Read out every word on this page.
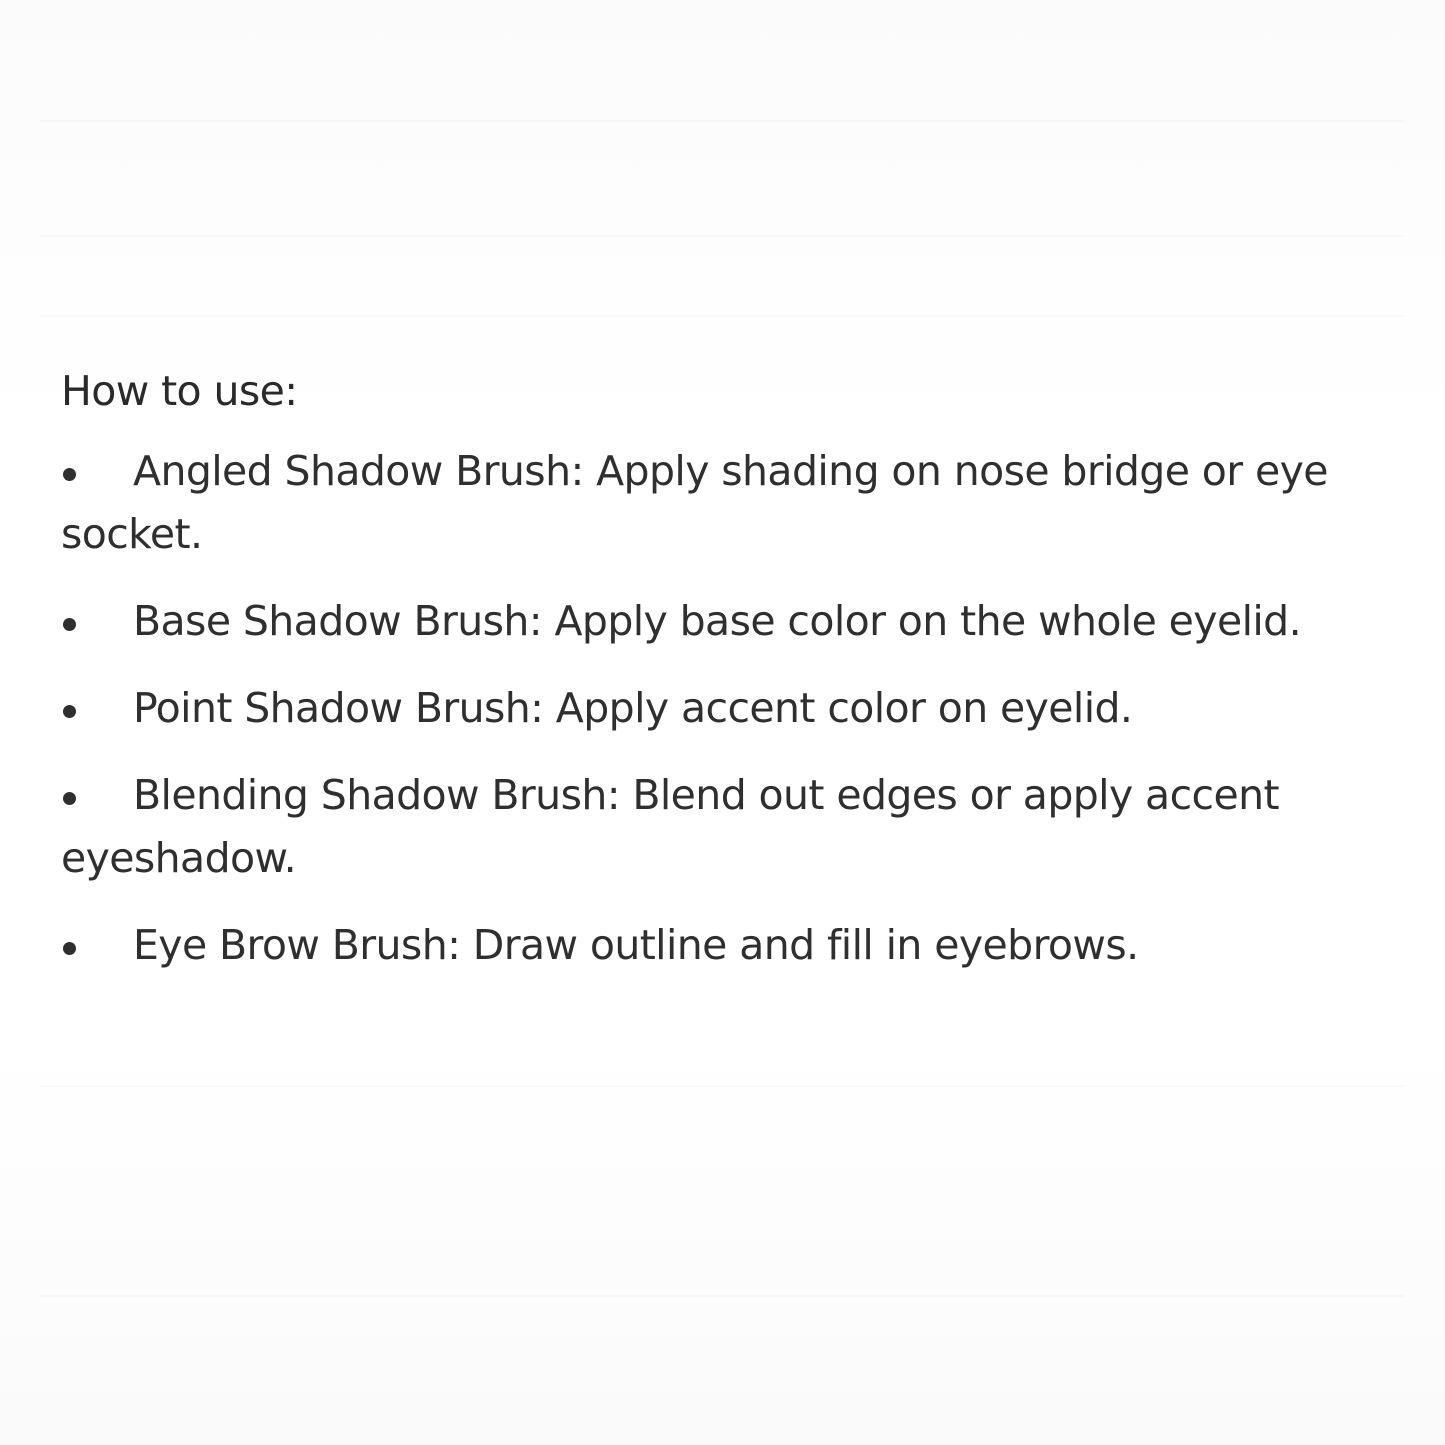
How to use:
Angled Shadow Brush: Apply shading on nose bridge or eye socket.
Base Shadow Brush: Apply base color on the whole eyelid.
Point Shadow Brush: Apply accent color on eyelid.
Blending Shadow Brush: Blend out edges or apply accent eyeshadow.
Eye Brow Brush: Draw outline and fill in eyebrows.
